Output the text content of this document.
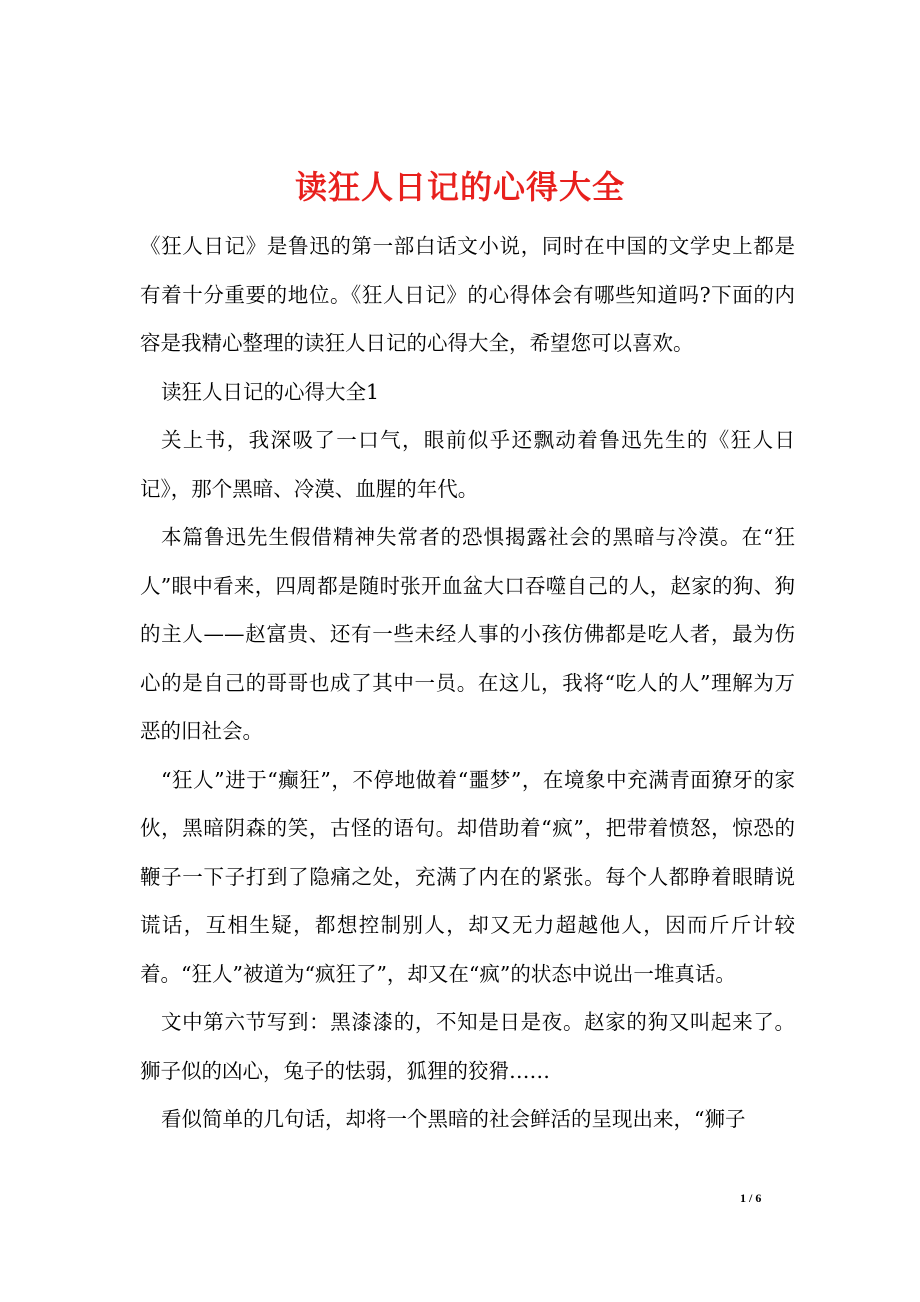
读狂人日记的心得大全

《狂人日记》是鲁迅的第一部白话文小说，同时在中国的文学史上都是有着十分重要的地位。《狂人日记》的心得体会有哪些知道吗?下面的内容是我精心整理的读狂人日记的心得大全，希望您可以喜欢。

读狂人日记的心得大全1

关上书，我深吸了一口气，眼前似乎还飘动着鲁迅先生的《狂人日记》，那个黑暗、冷漠、血腥的年代。

本篇鲁迅先生假借精神失常者的恐惧揭露社会的黑暗与冷漠。在“狂人”眼中看来，四周都是随时张开血盆大口吞噬自己的人，赵家的狗、狗的主人——赵富贵、还有一些未经人事的小孩仿佛都是吃人者，最为伤心的是自己的哥哥也成了其中一员。在这儿，我将“吃人的人”理解为万恶的旧社会。

“狂人”进于“癫狂”，不停地做着“噩梦”，在境象中充满青面獠牙的家伙，黑暗阴森的笑，古怪的语句。却借助着“疯”，把带着愤怒，惊恐的鞭子一下子打到了隐痛之处，充满了内在的紧张。每个人都睁着眼睛说谎话，互相生疑，都想控制别人，却又无力超越他人，因而斤斤计较着。“狂人”被道为“疯狂了”，却又在“疯”的状态中说出一堆真话。

文中第六节写到：黑漆漆的，不知是日是夜。赵家的狗又叫起来了。狮子似的凶心，兔子的怯弱，狐狸的狡猾……

看似简单的几句话，却将一个黑暗的社会鲜活的呈现出来，“狮子

1 / 6
